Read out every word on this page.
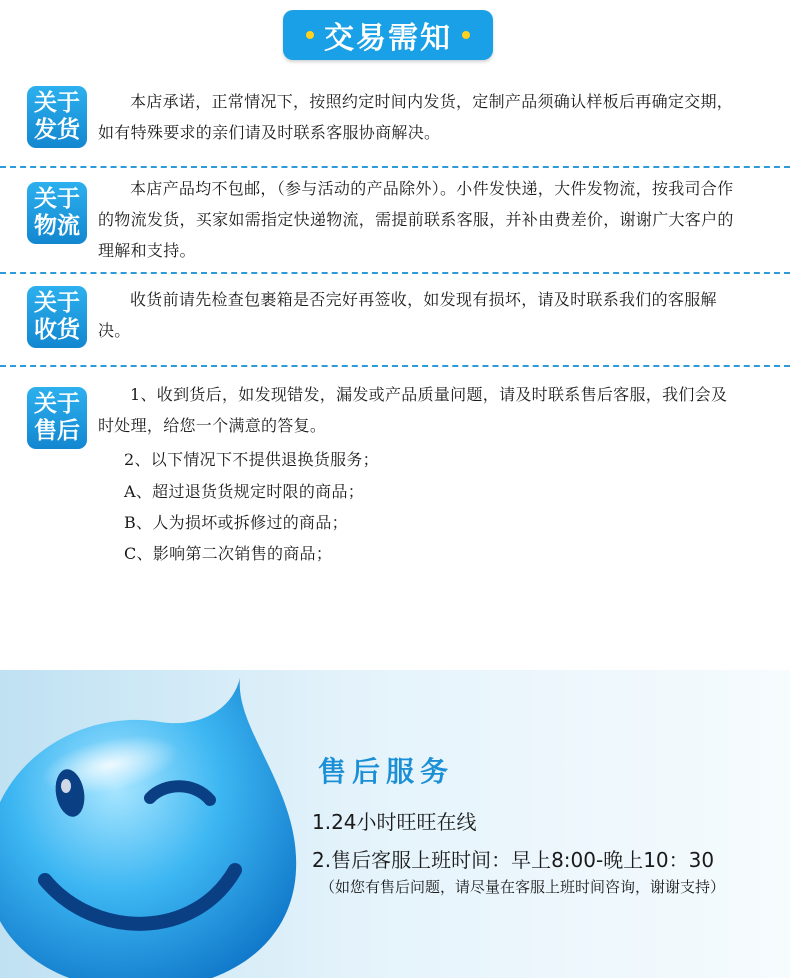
交易需知
关于
发货

本店承诺，正常情况下，按照约定时间内发货，定制产品须确认样板后再确定交期，如有特殊要求的亲们请及时联系客服协商解决。

关于
物流

本店产品均不包邮，（参与活动的产品除外）。小件发快递，大件发物流，按我司合作的物流发货，买家如需指定快递物流，需提前联系客服，并补由费差价，谢谢广大客户的理解和支持。

关于
收货

收货前请先检查包裹箱是否完好再签收，如发现有损坏，请及时联系我们的客服解决。

关于
售后

1、收到货后，如发现错发，漏发或产品质量问题，请及时联系售后客服，我们会及时处理，给您一个满意的答复。

2、以下情况下不提供退换货服务；
A、超过退货货规定时限的商品；
B、人为损坏或拆修过的商品；
C、影响第二次销售的商品；
售后服务
1.24小时旺旺在线
2.售后客服上班时间：早上8:00-晚上10：30
（如您有售后问题，请尽量在客服上班时间咨询，谢谢支持）
